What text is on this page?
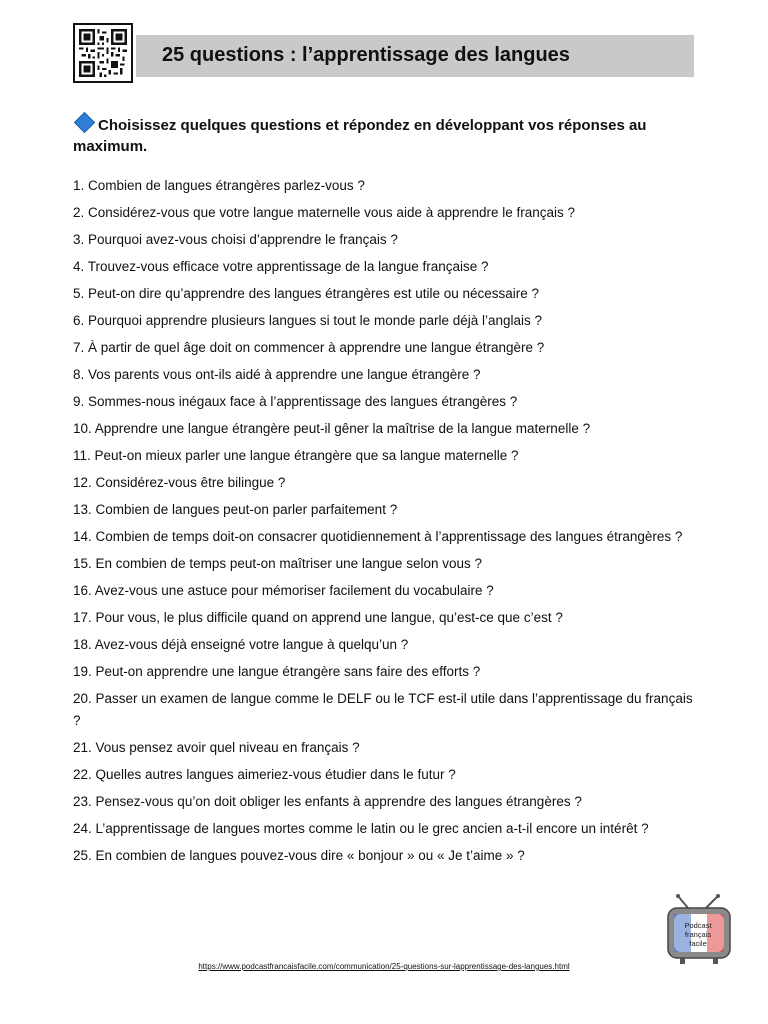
25 questions : l’apprentissage des langues

Choisissez quelques questions et répondez en développant vos réponses au maximum.

1. Combien de langues étrangères parlez-vous ?
2. Considérez-vous que votre langue maternelle vous aide à apprendre le français ?
3. Pourquoi avez-vous choisi d’apprendre le français ?
4. Trouvez-vous efficace votre apprentissage de la langue française ?
5. Peut-on dire qu’apprendre des langues étrangères est utile ou nécessaire ?
6. Pourquoi apprendre plusieurs langues si tout le monde parle déjà l’anglais ?
7. À partir de quel âge doit on commencer à apprendre une langue étrangère ?
8. Vos parents vous ont-ils aidé à apprendre une langue étrangère ?
9. Sommes-nous inégaux face à l’apprentissage des langues étrangères ?
10. Apprendre une langue étrangère peut-il gêner la maîtrise de la langue maternelle ?
11. Peut-on mieux parler une langue étrangère que sa langue maternelle ?
12. Considérez-vous être bilingue ?
13. Combien de langues peut-on parler parfaitement ?
14. Combien de temps doit-on consacrer quotidiennement à l’apprentissage des langues étrangères ?
15. En combien de temps peut-on maîtriser une langue selon vous ?
16. Avez-vous une astuce pour mémoriser facilement du vocabulaire ?
17. Pour vous, le plus difficile quand on apprend une langue, qu’est-ce que c’est ?
18. Avez-vous déjà enseigné votre langue à quelqu’un ?
19. Peut-on apprendre une langue étrangère sans faire des efforts ?
20. Passer un examen de langue comme le DELF ou le TCF est-il utile dans l’apprentissage du français ?
21. Vous pensez avoir quel niveau en français ?
22. Quelles autres langues aimeriez-vous étudier dans le futur ?
23. Pensez-vous qu’on doit obliger les enfants à apprendre des langues étrangères ?
24. L’apprentissage de langues mortes comme le latin ou le grec ancien a-t-il encore un intérêt ?
25. En combien de langues pouvez-vous dire « bonjour » ou « Je t’aime » ?
Podcast français facile
https://www.podcastfrancaisfacile.com/communication/25-questions-sur-lapprentissage-des-langues.html
